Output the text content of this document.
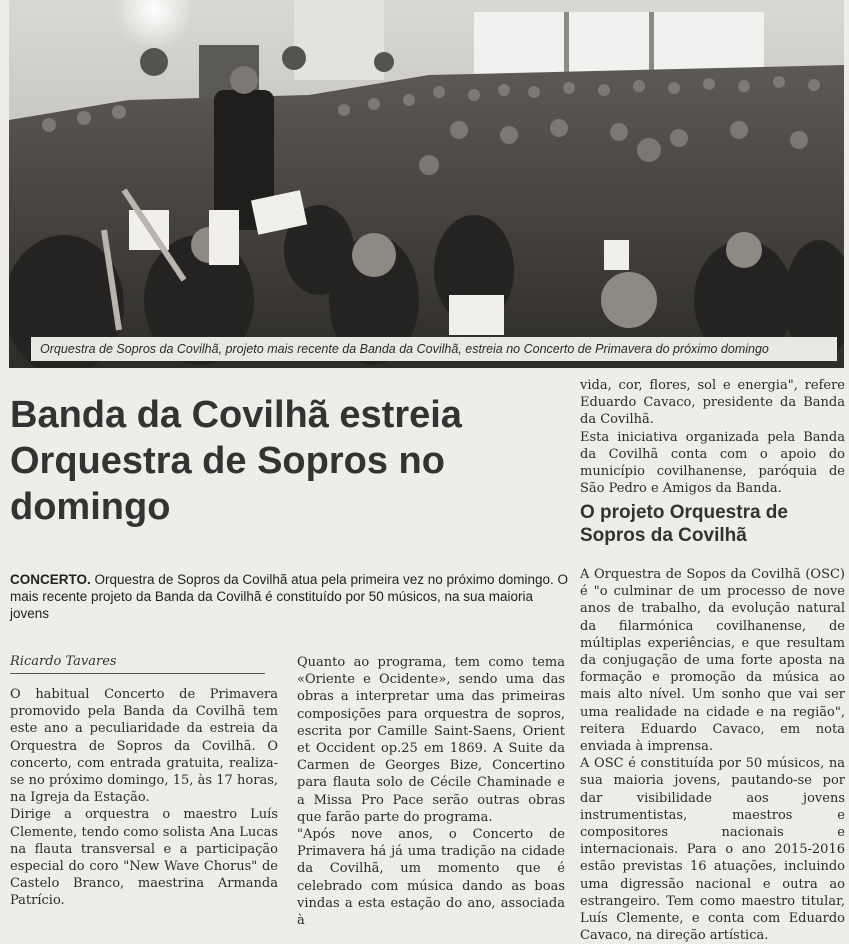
Orquestra de Sopros da Covilhã, projeto mais recente da Banda da Covilhã, estreia no Concerto de Primavera do próximo domingo
Banda da Covilhã estreia Orquestra de Sopros no domingo
CONCERTO. Orquestra de Sopros da Covilhã atua pela primeira vez no próximo domingo. O mais recente projeto da Banda da Covilhã é constituído por 50 músicos, na sua maioria jovens
Ricardo Tavares

O habitual Concerto de Primavera promovido pela Banda da Covilhã tem este ano a peculiaridade da estreia da Orquestra de Sopros da Covilhã. O concerto, com entrada gratuita, realiza-se no próximo domingo, 15, às 17 horas, na Igreja da Estação.

Dirige a orquestra o maestro Luís Clemente, tendo como solista Ana Lucas na flauta transversal e a participação especial do coro "New Wave Chorus" de Castelo Branco, maestrina Armanda Patrício.

Quanto ao programa, tem como tema «Oriente e Ocidente», sendo uma das obras a interpretar uma das primeiras composições para orquestra de sopros, escrita por Camille Saint-Saens, Orient et Occident op.25 em 1869. A Suite da Carmen de Georges Bize, Concertino para flauta solo de Cécile Chaminade e a Missa Pro Pace serão outras obras que farão parte do programa.

"Após nove anos, o Concerto de Primavera há já uma tradição na cidade da Covilhã, um momento que é celebrado com música dando as boas vindas a esta estação do ano, associada à

vida, cor, flores, sol e energia", refere Eduardo Cavaco, presidente da Banda da Covilhã.

Esta iniciativa organizada pela Banda da Covilhã conta com o apoio do município covilhanense, paróquia de São Pedro e Amigos da Banda.

O projeto Orquestra de Sopros da Covilhã

A Orquestra de Sopos da Covilhã (OSC) é "o culminar de um processo de nove anos de trabalho, da evolução natural da filarmónica covilhanense, de múltiplas experiências, e que resultam da conjugação de uma forte aposta na formação e promoção da música ao mais alto nível. Um sonho que vai ser uma realidade na cidade e na região", reitera Eduardo Cavaco, em nota enviada à imprensa.

A OSC é constituída por 50 músicos, na sua maioria jovens, pautando-se por dar visibilidade aos jovens instrumentistas, maestros e compositores nacionais e internacionais. Para o ano 2015-2016 estão previstas 16 atuações, incluindo uma digressão nacional e outra ao estrangeiro. Tem como maestro titular, Luís Clemente, e conta com Eduardo Cavaco, na direção artística.
